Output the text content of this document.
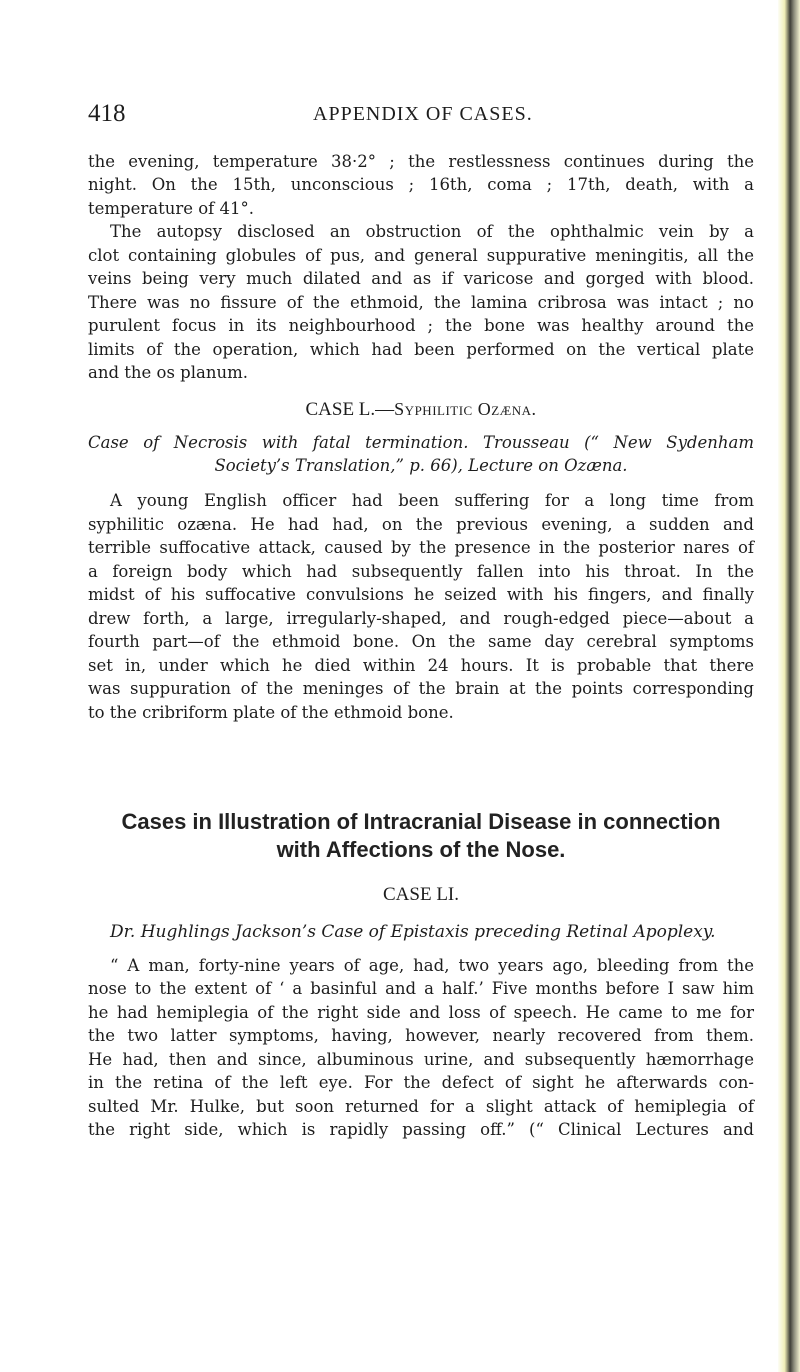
418	APPENDIX OF CASES.

the evening, temperature 38·2° ; the restlessness continues during the
night. On the 15th, unconscious ; 16th, coma ; 17th, death, with a
temperature of 41°.

The autopsy disclosed an obstruction of the ophthalmic vein by a
clot containing globules of pus, and general suppurative meningitis, all the
veins being very much dilated and as if varicose and gorged with blood.
There was no fissure of the ethmoid, the lamina cribrosa was intact ; no
purulent focus in its neighbourhood ; the bone was healthy around the
limits of the operation, which had been performed on the vertical plate
and the os planum.

CASE L.—Syphilitic Ozæna.
Case of Necrosis with fatal termination. Trousseau (“ New Sydenham
Society’s Translation,” p. 66), Lecture on Ozæna.

A young English officer had been suffering for a long time from
syphilitic ozæna. He had had, on the previous evening, a sudden and
terrible suffocative attack, caused by the presence in the posterior nares of
a foreign body which had subsequently fallen into his throat. In the
midst of his suffocative convulsions he seized with his fingers, and finally
drew forth, a large, irregularly-shaped, and rough-edged piece—about a
fourth part—of the ethmoid bone. On the same day cerebral symptoms
set in, under which he died within 24 hours. It is probable that there
was suppuration of the meninges of the brain at the points corresponding
to the cribriform plate of the ethmoid bone.

Cases in Illustration of Intracranial Disease in connection
with Affections of the Nose.
CASE LI.
Dr. Hughlings Jackson’s Case of Epistaxis preceding Retinal Apoplexy.

“ A man, forty-nine years of age, had, two years ago, bleeding from the
nose to the extent of ‘ a basinful and a half.’ Five months before I saw him
he had hemiplegia of the right side and loss of speech. He came to me for
the two latter symptoms, having, however, nearly recovered from them.
He had, then and since, albuminous urine, and subsequently hæmorrhage
in the retina of the left eye. For the defect of sight he afterwards con-
sulted Mr. Hulke, but soon returned for a slight attack of hemiplegia of
the right side, which is rapidly passing off.” (“ Clinical Lectures and
